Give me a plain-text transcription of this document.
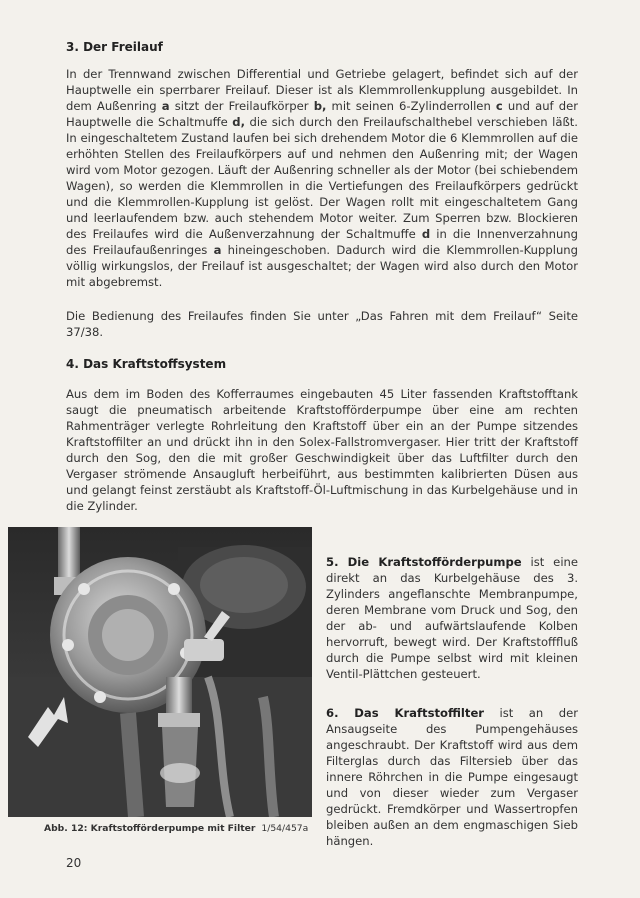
3. Der Freilauf

In der Trennwand zwischen Differential und Getriebe gelagert, befindet sich auf der Hauptwelle ein sperrbarer Freilauf. Dieser ist als Klemmrollenkupplung ausgebildet. In dem Außenring a sitzt der Freilaufkörper b, mit seinen 6-Zylinderrollen c und auf der Hauptwelle die Schaltmuffe d, die sich durch den Freilaufschalthebel verschieben läßt. In eingeschaltetem Zustand laufen bei sich drehendem Motor die 6 Klemmrollen auf die erhöhten Stellen des Freilaufkörpers auf und nehmen den Außenring mit; der Wagen wird vom Motor gezogen. Läuft der Außenring schneller als der Motor (bei schiebendem Wagen), so werden die Klemmrollen in die Vertiefungen des Freilaufkörpers gedrückt und die Klemmrollen-Kupplung ist gelöst. Der Wagen rollt mit eingeschaltetem Gang und leerlaufendem bzw. auch stehendem Motor weiter. Zum Sperren bzw. Blockieren des Freilaufes wird die Außenverzahnung der Schaltmuffe d in die Innenverzahnung des Freilaufaußenringes a hineingeschoben. Dadurch wird die Klemmrollen-Kupplung völlig wirkungslos, der Freilauf ist ausgeschaltet; der Wagen wird also durch den Motor mit abgebremst.

Die Bedienung des Freilaufes finden Sie unter „Das Fahren mit dem Freilauf“ Seite 37/38.

4. Das Kraftstoffsystem

Aus dem im Boden des Kofferraumes eingebauten 45 Liter fassenden Kraftstofftank saugt die pneumatisch arbeitende Kraftstofförderpumpe über eine am rechten Rahmenträger verlegte Rohrleitung den Kraftstoff über ein an der Pumpe sitzendes Kraftstoffilter an und drückt ihn in den Solex-Fallstromvergaser. Hier tritt der Kraftstoff durch den Sog, den die mit großer Geschwindigkeit über das Luftfilter durch den Vergaser strömende Ansaugluft herbeiführt, aus bestimmten kalibrierten Düsen aus und gelangt feinst zerstäubt als Kraftstoff-Öl-Luftmischung in das Kurbelgehäuse und in die Zylinder.

Abb. 12: Kraftstofförderpumpe mit Filter 1/54/457a

5. Die Kraftstofförderpumpe ist eine direkt an das Kurbelgehäuse des 3. Zylinders angeflanschte Membranpumpe, deren Membrane vom Druck und Sog, den der ab- und aufwärtslaufende Kolben hervorruft, bewegt wird. Der Kraftstofffluß durch die Pumpe selbst wird mit kleinen Ventil-Plättchen gesteuert.

6. Das Kraftstoffilter ist an der Ansaugseite des Pumpengehäuses angeschraubt. Der Kraftstoff wird aus dem Filterglas durch das Filtersieb über das innere Röhrchen in die Pumpe eingesaugt und von dieser wieder zum Vergaser gedrückt. Fremdkörper und Wassertropfen bleiben außen an dem engmaschigen Sieb hängen.

20
